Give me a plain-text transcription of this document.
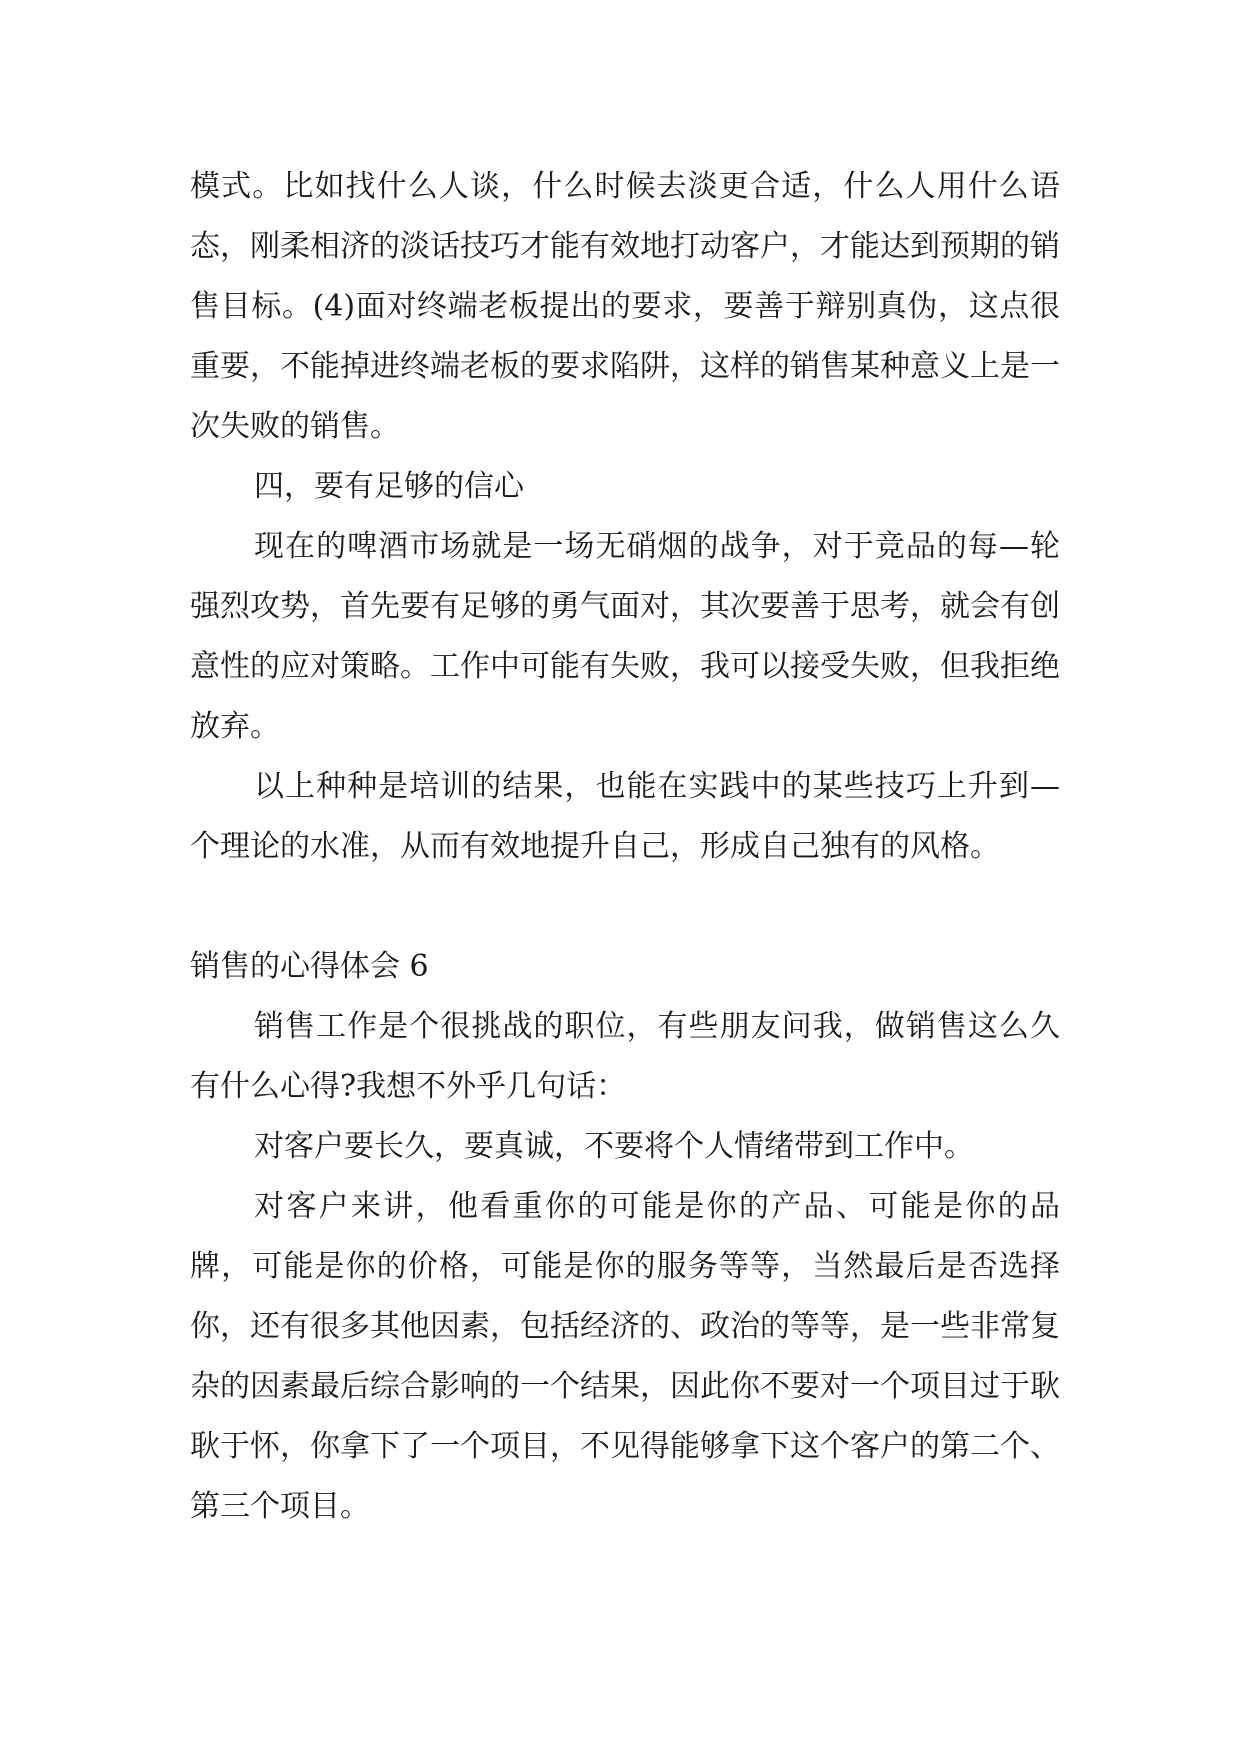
模式。比如找什么人谈，什么时候去淡更合适，什么人用什么语态，刚柔相济的淡话技巧才能有效地打动客户，才能达到预期的销售目标。(4)面对终端老板提出的要求，要善于辩别真伪，这点很重要，不能掉进终端老板的要求陷阱，这样的销售某种意义上是一次失败的销售。

四，要有足够的信心

现在的啤酒市场就是一场无硝烟的战争，对于竞品的每—轮强烈攻势，首先要有足够的勇气面对，其次要善于思考，就会有创意性的应对策略。工作中可能有失败，我可以接受失败，但我拒绝放弃。

以上种种是培训的结果，也能在实践中的某些技巧上升到—个理论的水准，从而有效地提升自己，形成自己独有的风格。

销售的心得体会 6

销售工作是个很挑战的职位，有些朋友问我，做销售这么久有什么心得?我想不外乎几句话：

对客户要长久，要真诚，不要将个人情绪带到工作中。

对客户来讲，他看重你的可能是你的产品、可能是你的品牌，可能是你的价格，可能是你的服务等等，当然最后是否选择你，还有很多其他因素，包括经济的、政治的等等，是一些非常复杂的因素最后综合影响的一个结果，因此你不要对一个项目过于耿耿于怀，你拿下了一个项目，不见得能够拿下这个客户的第二个、第三个项目。
